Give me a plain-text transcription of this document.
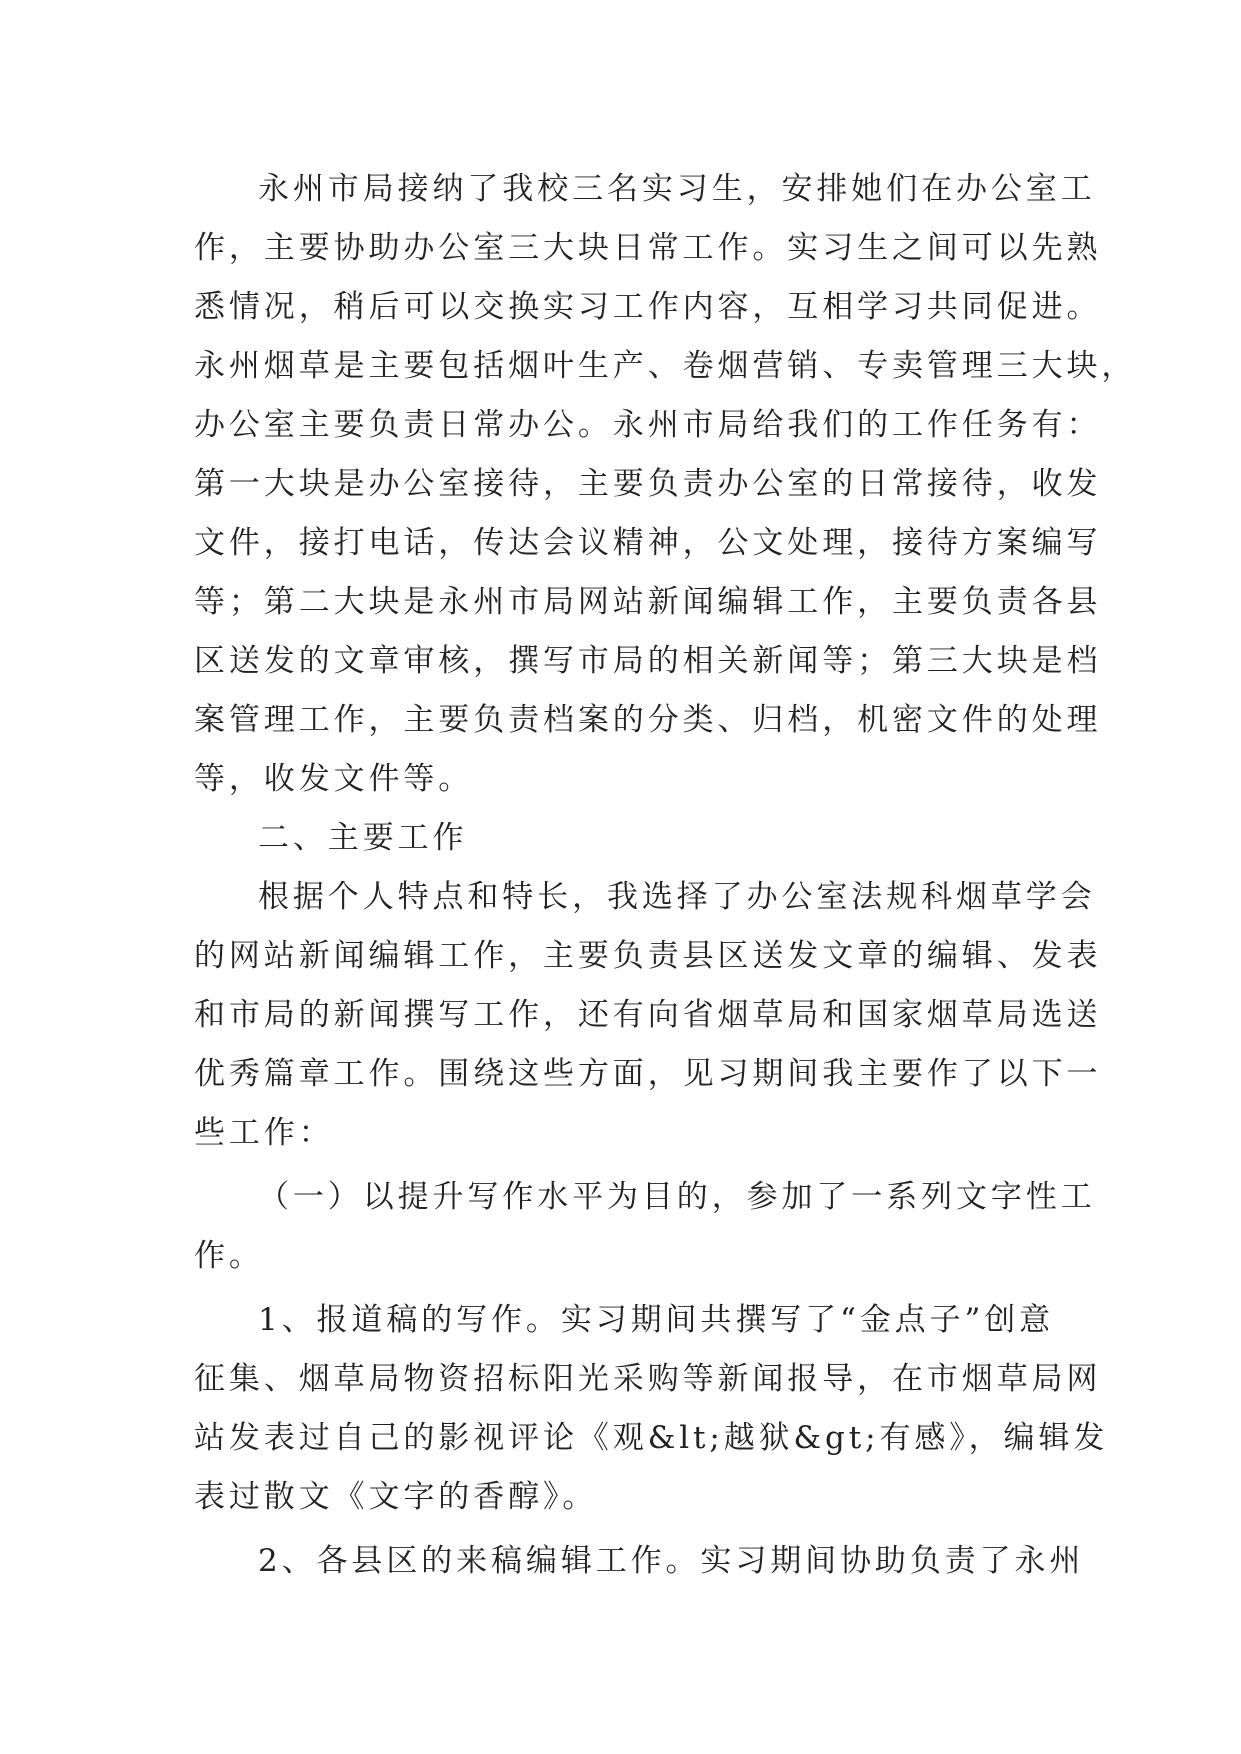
永州市局接纳了我校三名实习生，安排她们在办公室工
作，主要协助办公室三大块日常工作。实习生之间可以先熟
悉情况，稍后可以交换实习工作内容，互相学习共同促进。
永州烟草是主要包括烟叶生产、卷烟营销、专卖管理三大块，
办公室主要负责日常办公。永州市局给我们的工作任务有：
第一大块是办公室接待，主要负责办公室的日常接待，收发
文件，接打电话，传达会议精神，公文处理，接待方案编写
等；第二大块是永州市局网站新闻编辑工作，主要负责各县
区送发的文章审核，撰写市局的相关新闻等；第三大块是档
案管理工作，主要负责档案的分类、归档，机密文件的处理
等，收发文件等。
二、主要工作
根据个人特点和特长，我选择了办公室法规科烟草学会
的网站新闻编辑工作，主要负责县区送发文章的编辑、发表
和市局的新闻撰写工作，还有向省烟草局和国家烟草局选送
优秀篇章工作。围绕这些方面，见习期间我主要作了以下一
些工作：
（一）以提升写作水平为目的，参加了一系列文字性工
作。
1、报道稿的写作。实习期间共撰写了“金点子”创意
征集、烟草局物资招标阳光采购等新闻报导，在市烟草局网
站发表过自己的影视评论《观&lt;越狱&gt;有感》，编辑发
表过散文《文字的香醇》。
2、各县区的来稿编辑工作。实习期间协助负责了永州
